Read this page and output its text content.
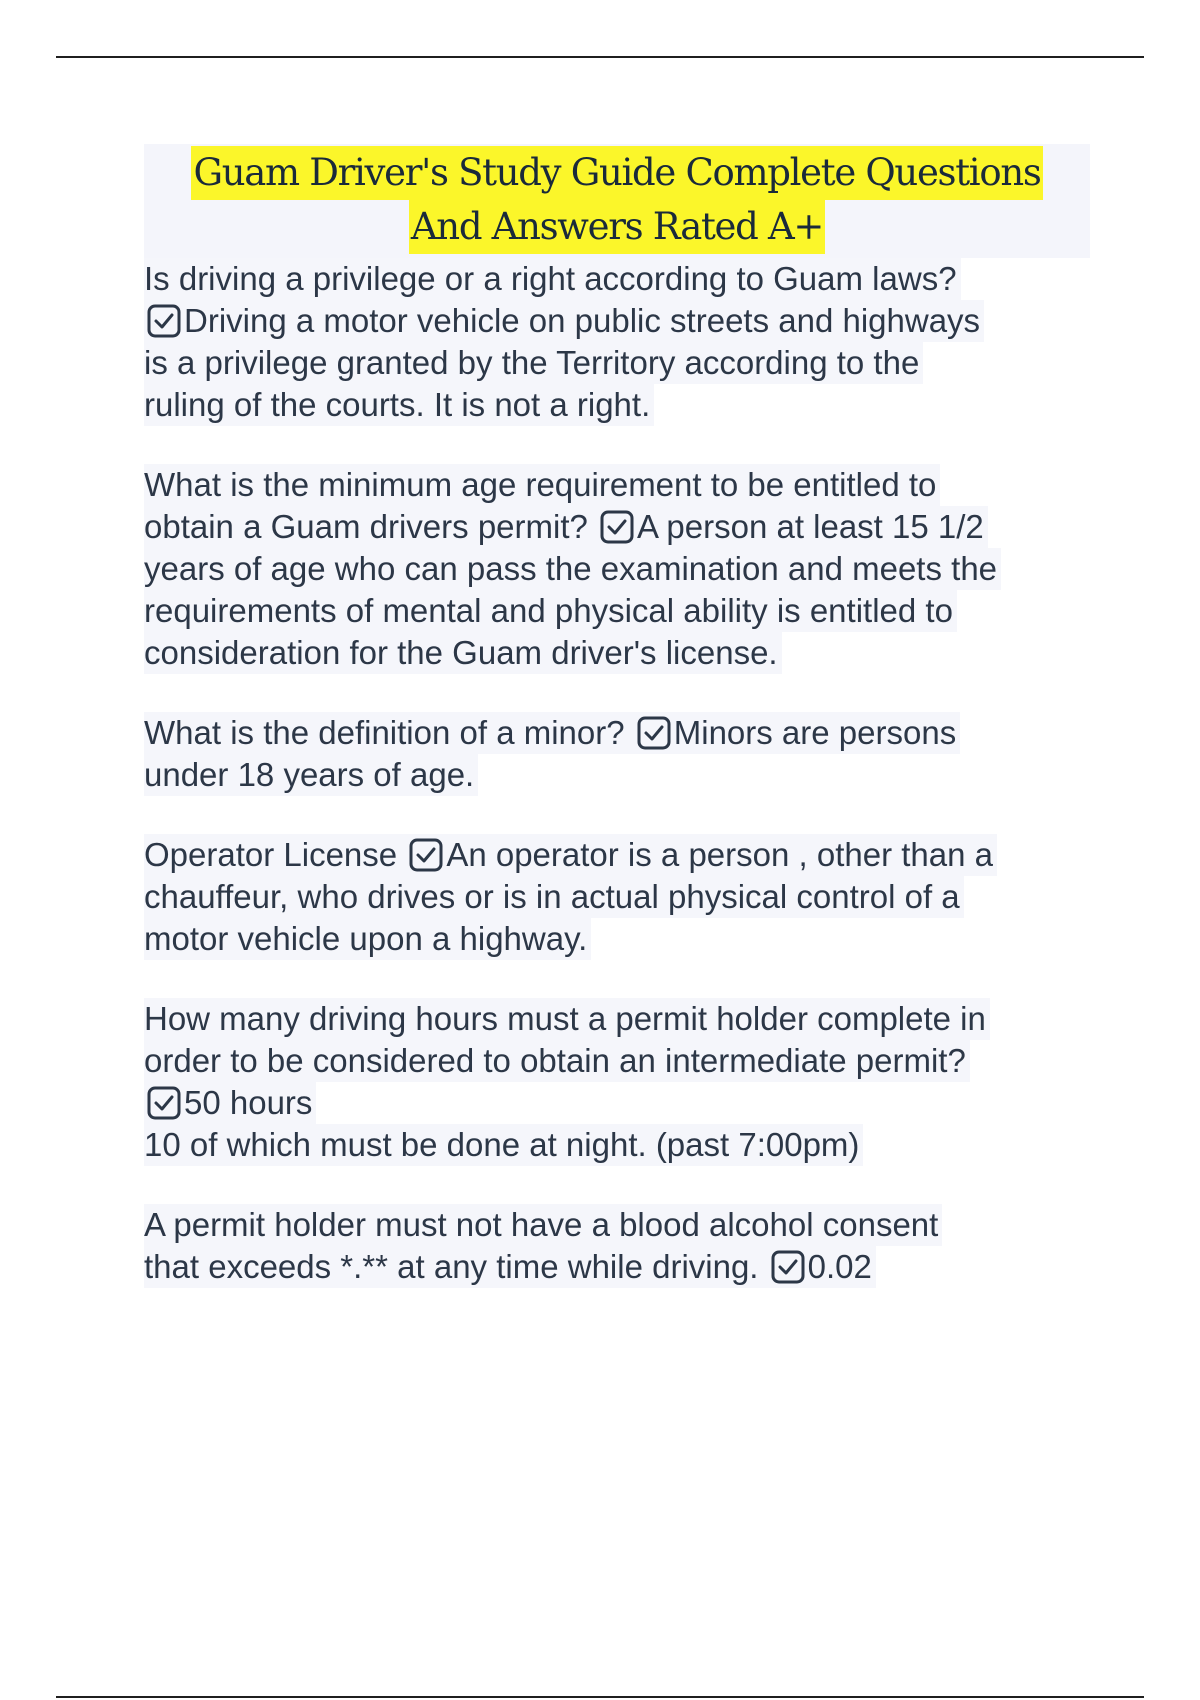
Guam Driver's Study Guide Complete Questions
And Answers Rated A+
Is driving a privilege or a right according to Guam laws?
Driving a motor vehicle on public streets and highways
is a privilege granted by the Territory according to the
ruling of the courts. It is not a right.

What is the minimum age requirement to be entitled to
obtain a Guam drivers permit? A person at least 15 1/2
years of age who can pass the examination and meets the
requirements of mental and physical ability is entitled to
consideration for the Guam driver's license.

What is the definition of a minor? Minors are persons
under 18 years of age.

Operator License An operator is a person , other than a
chauffeur, who drives or is in actual physical control of a
motor vehicle upon a highway.

How many driving hours must a permit holder complete in
order to be considered to obtain an intermediate permit?
50 hours
10 of which must be done at night. (past 7:00pm)

A permit holder must not have a blood alcohol consent
that exceeds *.** at any time while driving. 0.02
